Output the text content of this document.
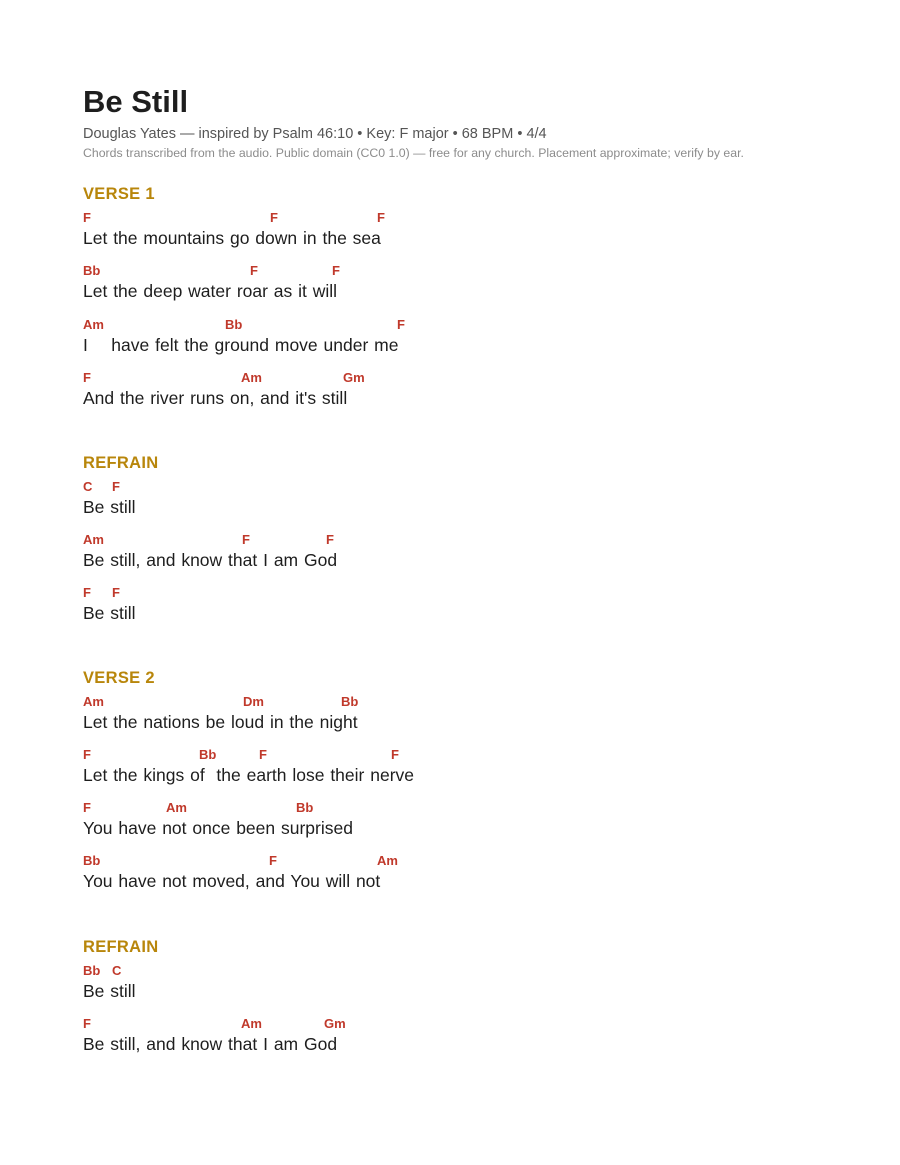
Be Still
Douglas Yates — inspired by Psalm 46:10 • Key: F major • 68 BPM • 4/4
Chords transcribed from the audio. Public domain (CC0 1.0) — free for any church. Placement approximate; verify by ear.
VERSE 1
F	F	F
Let the mountains go down in the sea
Bb	F	F
Let the deep water roar as it will
Am	Bb	F
I    have felt the ground move under me
F	Am	Gm
And the river runs on, and it's still
REFRAIN
C F
Be still
Am	F	F
Be still, and know that I am God
F F
Be still
VERSE 2
Am	Dm	Bb
Let the nations be loud in the night
F	Bb	F	F
Let the kings of  the earth lose their nerve
F	Am	Bb
You have not once been surprised
Bb	F	Am
You have not moved, and You will not
REFRAIN
Bb C
Be still
F	Am	Gm
Be still, and know that I am God
